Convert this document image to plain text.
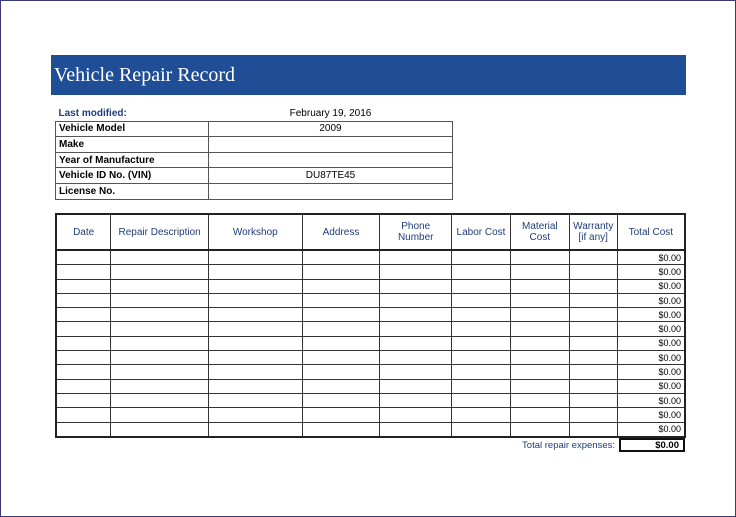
Vehicle Repair Record
Last modified:	February 19, 2016
Vehicle Model	2009
Make	
Year of Manufacture	
Vehicle ID No. (VIN)	DU87TE45
License No.	
Date	Repair Description	Workshop	Address	Phone Number	Labor Cost	Material Cost	Warranty [if any]	Total Cost
								$0.00
								$0.00
								$0.00
								$0.00
								$0.00
								$0.00
								$0.00
								$0.00
								$0.00
								$0.00
								$0.00
								$0.00
								$0.00
Total repair expenses:	$0.00
